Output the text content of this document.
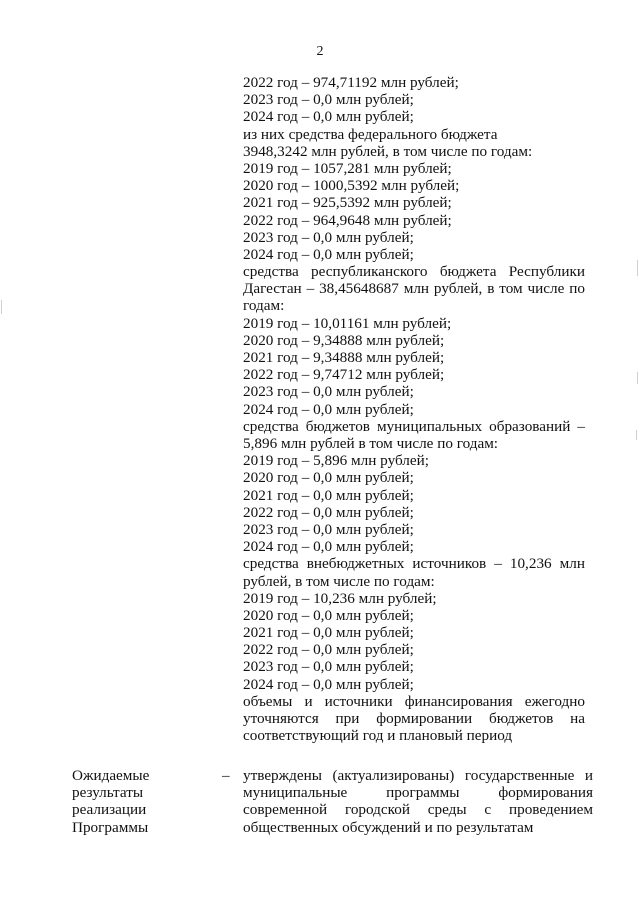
2
2022 год – 974,71192 млн рублей;
2023 год – 0,0 млн рублей;
2024 год – 0,0 млн рублей;
из них средства федерального бюджета
3948,3242 млн рублей, в том числе по годам:
2019 год – 1057,281 млн рублей;
2020 год – 1000,5392 млн рублей;
2021 год – 925,5392 млн рублей;
2022 год – 964,9648 млн рублей;
2023 год – 0,0 млн рублей;
2024 год – 0,0 млн рублей;
средства республиканского бюджета Республики Дагестан – 38,45648687 млн рублей, в том числе по годам:
2019 год – 10,01161 млн рублей;
2020 год – 9,34888 млн рублей;
2021 год – 9,34888 млн рублей;
2022 год – 9,74712 млн рублей;
2023 год – 0,0 млн рублей;
2024 год – 0,0 млн рублей;
средства бюджетов муниципальных образований – 5,896 млн рублей в том числе по годам:
2019 год – 5,896 млн рублей;
2020 год – 0,0 млн рублей;
2021 год – 0,0 млн рублей;
2022 год – 0,0 млн рублей;
2023 год – 0,0 млн рублей;
2024 год – 0,0 млн рублей;
средства внебюджетных источников – 10,236 млн рублей, в том числе по годам:
2019 год – 10,236 млн рублей;
2020 год – 0,0 млн рублей;
2021 год – 0,0 млн рублей;
2022 год – 0,0 млн рублей;
2023 год – 0,0 млн рублей;
2024 год – 0,0 млн рублей;
объемы и источники финансирования ежегодно уточняются при формировании бюджетов на соответствующий год и плановый период
Ожидаемые
результаты
реализации
Программы
– утверждены (актуализированы) государственные и муниципальные программы формирования современной городской среды с проведением общественных обсуждений и по результатам
